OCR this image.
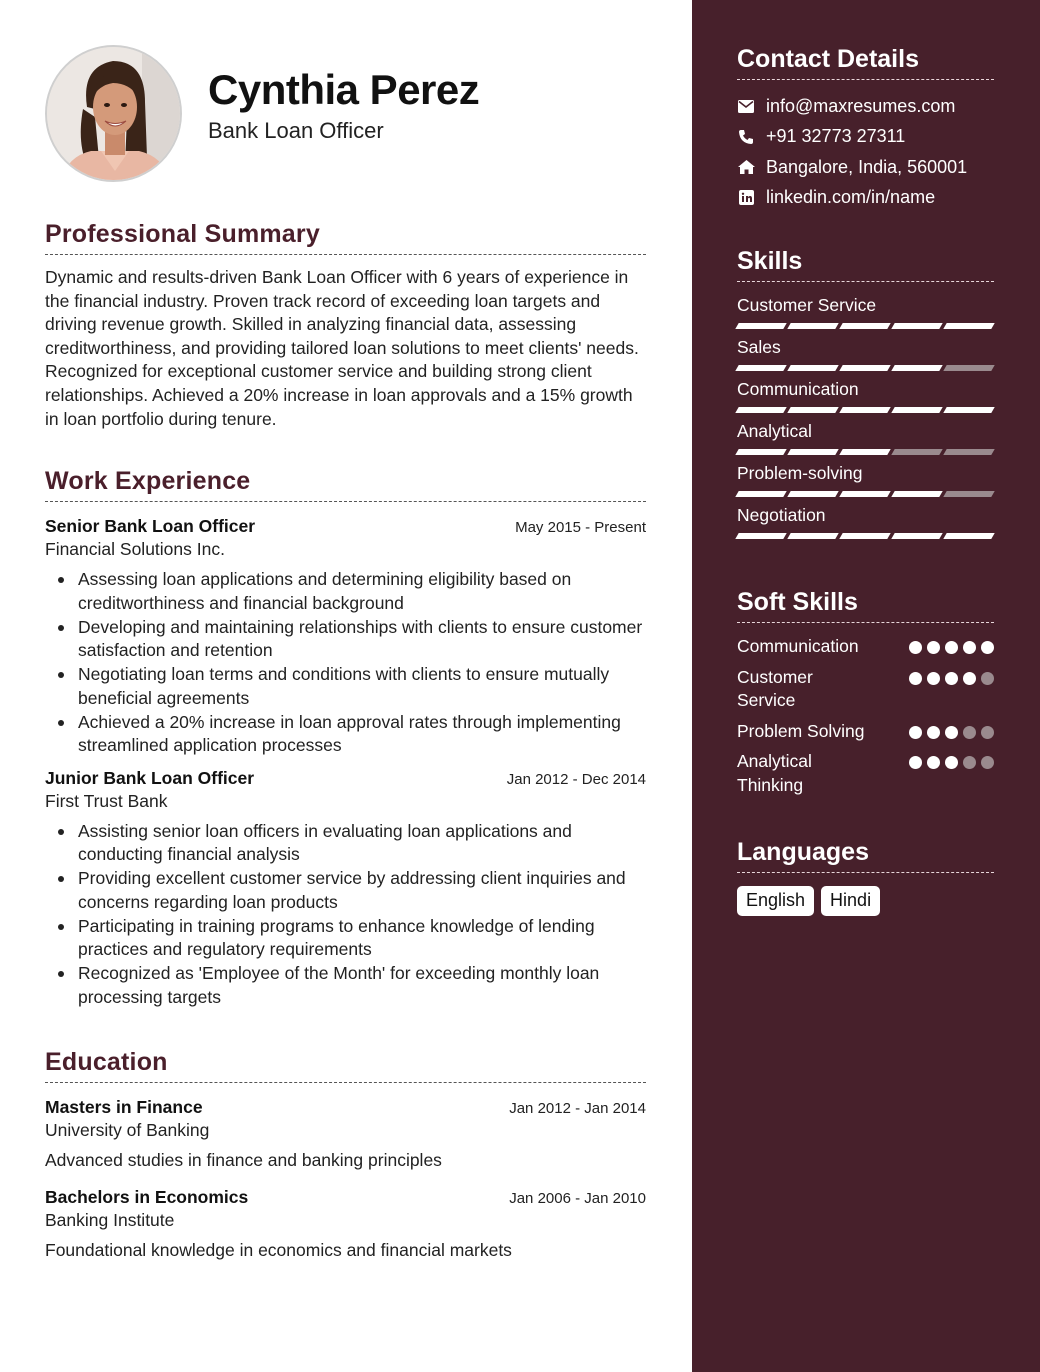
Cynthia Perez
Bank Loan Officer
Professional Summary
Dynamic and results-driven Bank Loan Officer with 6 years of experience in the financial industry. Proven track record of exceeding loan targets and driving revenue growth. Skilled in analyzing financial data, assessing creditworthiness, and providing tailored loan solutions to meet clients' needs. Recognized for exceptional customer service and building strong client relationships. Achieved a 20% increase in loan approvals and a 15% growth in loan portfolio during tenure.
Work Experience
Senior Bank Loan Officer	May 2015 - Present
Financial Solutions Inc.
Assessing loan applications and determining eligibility based on creditworthiness and financial background
Developing and maintaining relationships with clients to ensure customer satisfaction and retention
Negotiating loan terms and conditions with clients to ensure mutually beneficial agreements
Achieved a 20% increase in loan approval rates through implementing streamlined application processes
Junior Bank Loan Officer	Jan 2012 - Dec 2014
First Trust Bank
Assisting senior loan officers in evaluating loan applications and conducting financial analysis
Providing excellent customer service by addressing client inquiries and concerns regarding loan products
Participating in training programs to enhance knowledge of lending practices and regulatory requirements
Recognized as 'Employee of the Month' for exceeding monthly loan processing targets
Education
Masters in Finance	Jan 2012 - Jan 2014
University of Banking
Advanced studies in finance and banking principles
Bachelors in Economics	Jan 2006 - Jan 2010
Banking Institute
Foundational knowledge in economics and financial markets
Contact Details
info@maxresumes.com
+91 32773 27311
Bangalore, India, 560001
linkedin.com/in/name
Skills
Customer Service
Sales
Communication
Analytical
Problem-solving
Negotiation
Soft Skills
Communication
Customer Service
Problem Solving
Analytical Thinking
Languages
English	Hindi
